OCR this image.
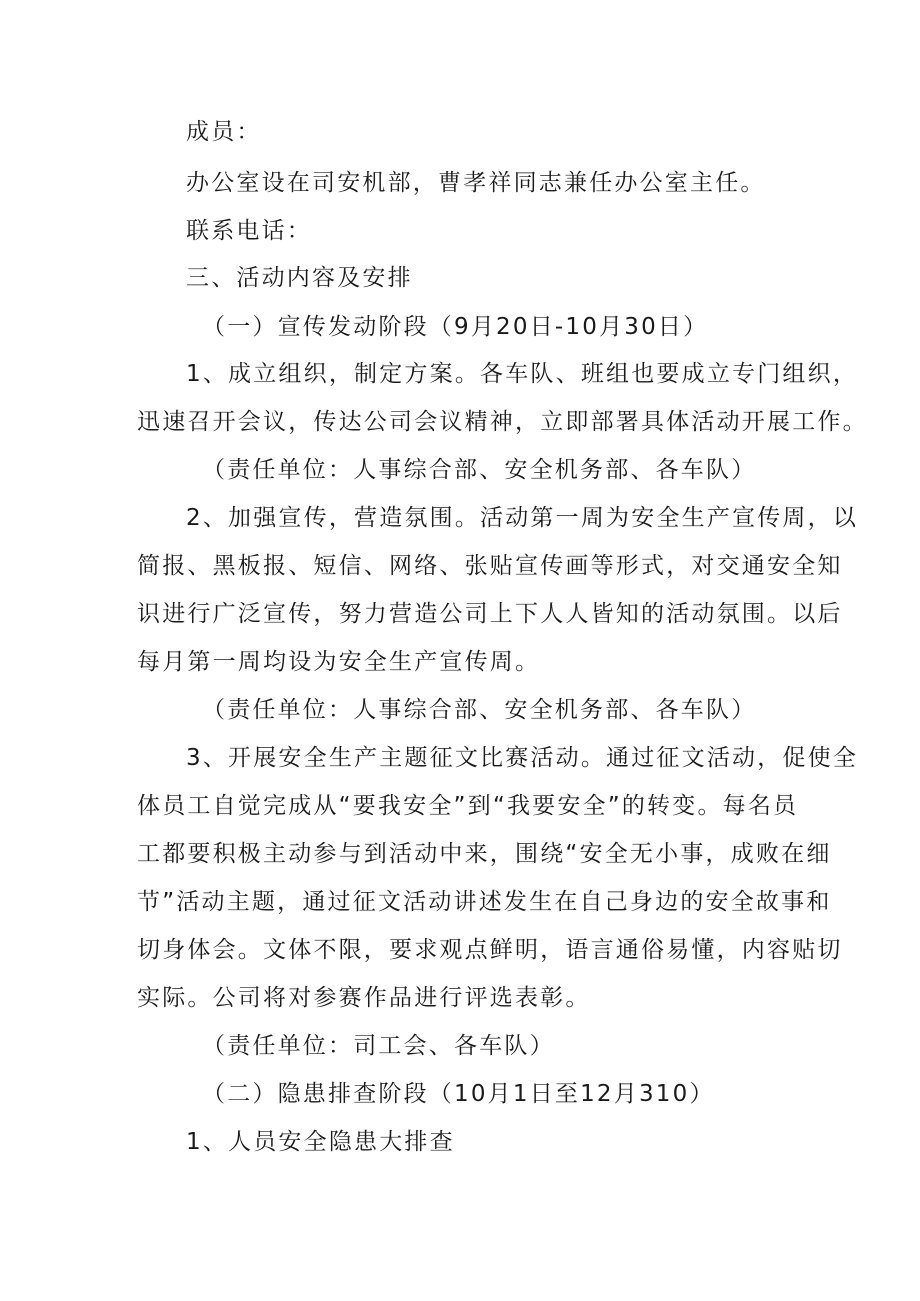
成员：
办公室设在司安机部，曹孝祥同志兼任办公室主任。
联系电话：
三、活动内容及安排
（一）宣传发动阶段（9月20日-10月30日）
1、成立组织，制定方案。各车队、班组也要成立专门组织，
迅速召开会议，传达公司会议精神，立即部署具体活动开展工作。
（责任单位：人事综合部、安全机务部、各车队）
2、加强宣传，营造氛围。活动第一周为安全生产宣传周，以
简报、黑板报、短信、网络、张贴宣传画等形式，对交通安全知
识进行广泛宣传，努力营造公司上下人人皆知的活动氛围。以后
每月第一周均设为安全生产宣传周。
（责任单位：人事综合部、安全机务部、各车队）
3、开展安全生产主题征文比赛活动。通过征文活动，促使全
体员工自觉完成从“要我安全”到“我要安全”的转变。每名员
工都要积极主动参与到活动中来，围绕“安全无小事，成败在细
节”活动主题，通过征文活动讲述发生在自己身边的安全故事和
切身体会。文体不限，要求观点鲜明，语言通俗易懂，内容贴切
实际。公司将对参赛作品进行评选表彰。
（责任单位：司工会、各车队）
（二）隐患排查阶段（10月1日至12月310）
1、人员安全隐患大排查
